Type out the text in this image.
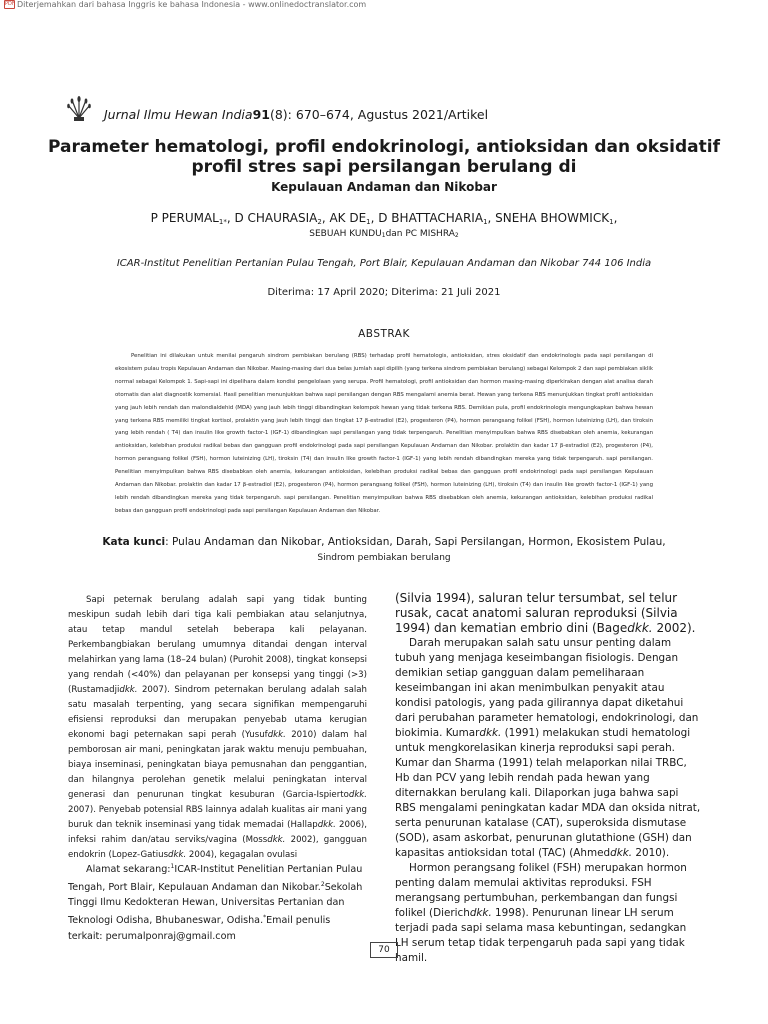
PDF Diterjemahkan dari bahasa Inggris ke bahasa Indonesia - www.onlinedoctranslator.com
Jurnal Ilmu Hewan India91(8): 670–674, Agustus 2021/Artikel
Parameter hematologi, profil endokrinologi, antioksidan dan oksidatif
profil stres sapi persilangan berulang di
Kepulauan Andaman dan Nikobar
P $PERUMAL_{1*}$, D $CHAURASIA_2$, AK $DE_1$, D $BHATTACHARIA_1$, SNEHA $BHOWMICK_1$,
SEBUAH $KUNDU_1dan$ PC $MISHRA_2$
ICAR-Institut Penelitian Pertanian Pulau Tengah, Port Blair, Kepulauan Andaman dan Nikobar 744 106 India
Diterima: 17 April 2020; Diterima: 21 Juli 2021
ABSTRAK
Penelitian ini dilakukan untuk menilai pengaruh sindrom pembiakan berulang (RBS) terhadap profil hematologis, antioksidan, stres oksidatif dan endokrinologis pada sapi persilangan di ekosistem pulau tropis Kepulauan Andaman dan Nikobar. Masing-masing dari dua belas jumlah sapi dipilih (yang terkena sindrom pembiakan berulang) sebagai Kelompok 2 dan sapi pembiakan siklik normal sebagai Kelompok 1. Sapi-sapi ini dipelihara dalam kondisi pengelolaan yang serupa. Profil hematologi, profil antioksidan dan hormon masing-masing diperkirakan dengan alat analisa darah otomatis dan alat diagnostik komersial. Hasil penelitian menunjukkan bahwa sapi persilangan dengan RBS mengalami anemia berat. Hewan yang terkena RBS menunjukkan tingkat profil antioksidan yang jauh lebih rendah dan malondialdehid (MDA) yang jauh lebih tinggi dibandingkan kelompok hewan yang tidak terkena RBS. Demikian pula, profil endokrinologis mengungkapkan bahwa hewan yang terkena RBS memiliki tingkat kortisol, prolaktin yang jauh lebih tinggi dan tingkat 17 β-estradiol (E2), progesteron (P4), hormon perangsang folikel (FSH), hormon luteinizing (LH), dan tiroksin yang lebih rendah ( T4) dan insulin like growth factor-1 (IGF-1) dibandingkan sapi persilangan yang tidak terpengaruh. Penelitian menyimpulkan bahwa RBS disebabkan oleh anemia, kekurangan antioksidan, kelebihan produksi radikal bebas dan gangguan profil endokrinologi pada sapi persilangan Kepulauan Andaman dan Nikobar. prolaktin dan kadar 17 β-estradiol (E2), progesteron (P4), hormon perangsang folikel (FSH), hormon luteinizing (LH), tiroksin (T4) dan insulin like growth factor-1 (IGF-1) yang lebih rendah dibandingkan mereka yang tidak terpengaruh. sapi persilangan. Penelitian menyimpulkan bahwa RBS disebabkan oleh anemia, kekurangan antioksidan, kelebihan produksi radikal bebas dan gangguan profil endokrinologi pada sapi persilangan Kepulauan Andaman dan Nikobar. prolaktin dan kadar 17 β-estradiol (E2), progesteron (P4), hormon perangsang folikel (FSH), hormon luteinizing (LH), tiroksin (T4) dan insulin like growth factor-1 (IGF-1) yang lebih rendah dibandingkan mereka yang tidak terpengaruh. sapi persilangan. Penelitian menyimpulkan bahwa RBS disebabkan oleh anemia, kekurangan antioksidan, kelebihan produksi radikal bebas dan gangguan profil endokrinologi pada sapi persilangan Kepulauan Andaman dan Nikobar.
Kata kunci: Pulau Andaman dan Nikobar, Antioksidan, Darah, Sapi Persilangan, Hormon, Ekosistem Pulau,
Sindrom pembiakan berulang

Sapi peternak berulang adalah sapi yang tidak bunting meskipun sudah lebih dari tiga kali pembiakan atau selanjutnya, atau tetap mandul setelah beberapa kali pelayanan. Perkembangbiakan berulang umumnya ditandai dengan interval melahirkan yang lama (18–24 bulan) (Purohit 2008), tingkat konsepsi yang rendah (<40%) dan pelayanan per konsepsi yang tinggi (>3) (Rustamadjidkk. 2007). Sindrom peternakan berulang adalah salah satu masalah terpenting, yang secara signifikan mempengaruhi efisiensi reproduksi dan merupakan penyebab utama kerugian ekonomi bagi peternakan sapi perah (Yusufdkk. 2010) dalam hal pemborosan air mani, peningkatan jarak waktu menuju pembuahan, biaya inseminasi, peningkatan biaya pemusnahan dan penggantian, dan hilangnya perolehan genetik melalui peningkatan interval generasi dan penurunan tingkat kesuburan (Garcia-Ispiertodkk. 2007). Penyebab potensial RBS lainnya adalah kualitas air mani yang buruk dan teknik inseminasi yang tidak memadai (Hallapdkk. 2006), infeksi rahim dan/atau serviks/vagina (Mossdkk. 2002), gangguan endokrin (Lopez-Gatiusdkk. 2004), kegagalan ovulasi

Alamat sekarang:$^1$ICAR-Institut Penelitian Pertanian Pulau Tengah, Port Blair, Kepulauan Andaman dan Nikobar.$^2$Sekolah Tinggi Ilmu Kedokteran Hewan, Universitas Pertanian dan Teknologi Odisha, Bhubaneswar, Odisha.*Email penulis terkait: perumalponraj@gmail.com

(Silvia 1994), saluran telur tersumbat, sel telur rusak, cacat anatomi saluran reproduksi (Silvia 1994) dan kematian embrio dini (Bagedkk. 2002).

Darah merupakan salah satu unsur penting dalam tubuh yang menjaga keseimbangan fisiologis. Dengan demikian setiap gangguan dalam pemeliharaan keseimbangan ini akan menimbulkan penyakit atau kondisi patologis, yang pada gilirannya dapat diketahui dari perubahan parameter hematologi, endokrinologi, dan biokimia. Kumardkk. (1991) melakukan studi hematologi untuk mengkorelasikan kinerja reproduksi sapi perah. Kumar dan Sharma (1991) telah melaporkan nilai TRBC, Hb dan PCV yang lebih rendah pada hewan yang diternakkan berulang kali. Dilaporkan juga bahwa sapi RBS mengalami peningkatan kadar MDA dan oksida nitrat, serta penurunan katalase (CAT), superoksida dismutase (SOD), asam askorbat, penurunan glutathione (GSH) dan kapasitas antioksidan total (TAC) (Ahmeddkk. 2010).

Hormon perangsang folikel (FSH) merupakan hormon penting dalam memulai aktivitas reproduksi. FSH merangsang pertumbuhan, perkembangan dan fungsi folikel (Dierichdkk. 1998). Penurunan linear LH serum terjadi pada sapi selama masa kebuntingan, sedangkan LH serum tetap tidak terpengaruh pada sapi yang tidak hamil.

70
